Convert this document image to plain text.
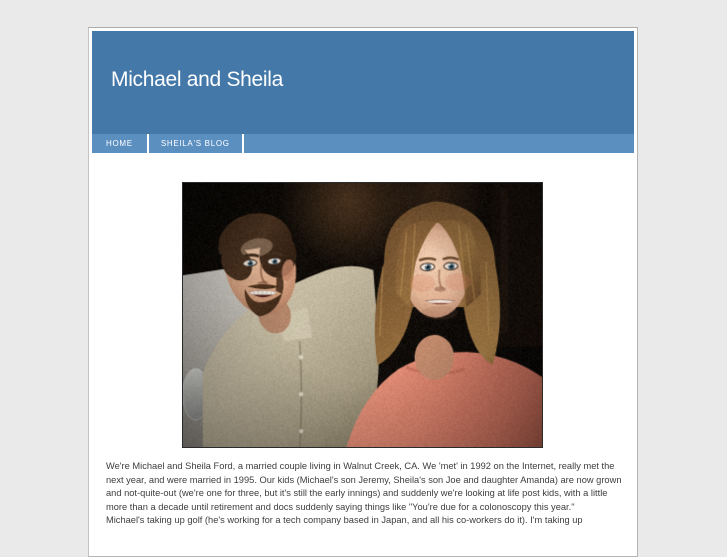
Michael and Sheila
HOME	SHEILA'S BLOG

We're Michael and Sheila Ford, a married couple living in Walnut Creek, CA. We 'met' in 1992 on the Internet, really met the next year, and were married in 1995. Our kids (Michael's son Jeremy, Sheila's son Joe and daughter Amanda) are now grown and not-quite-out (we're one for three, but it's still the early innings) and suddenly we're looking at life post kids, with a little more than a decade until retirement and docs suddenly saying things like "You're due for a colonoscopy this year."

Michael's taking up golf (he's working for a tech company based in Japan, and all his co-workers do it). I'm taking up
